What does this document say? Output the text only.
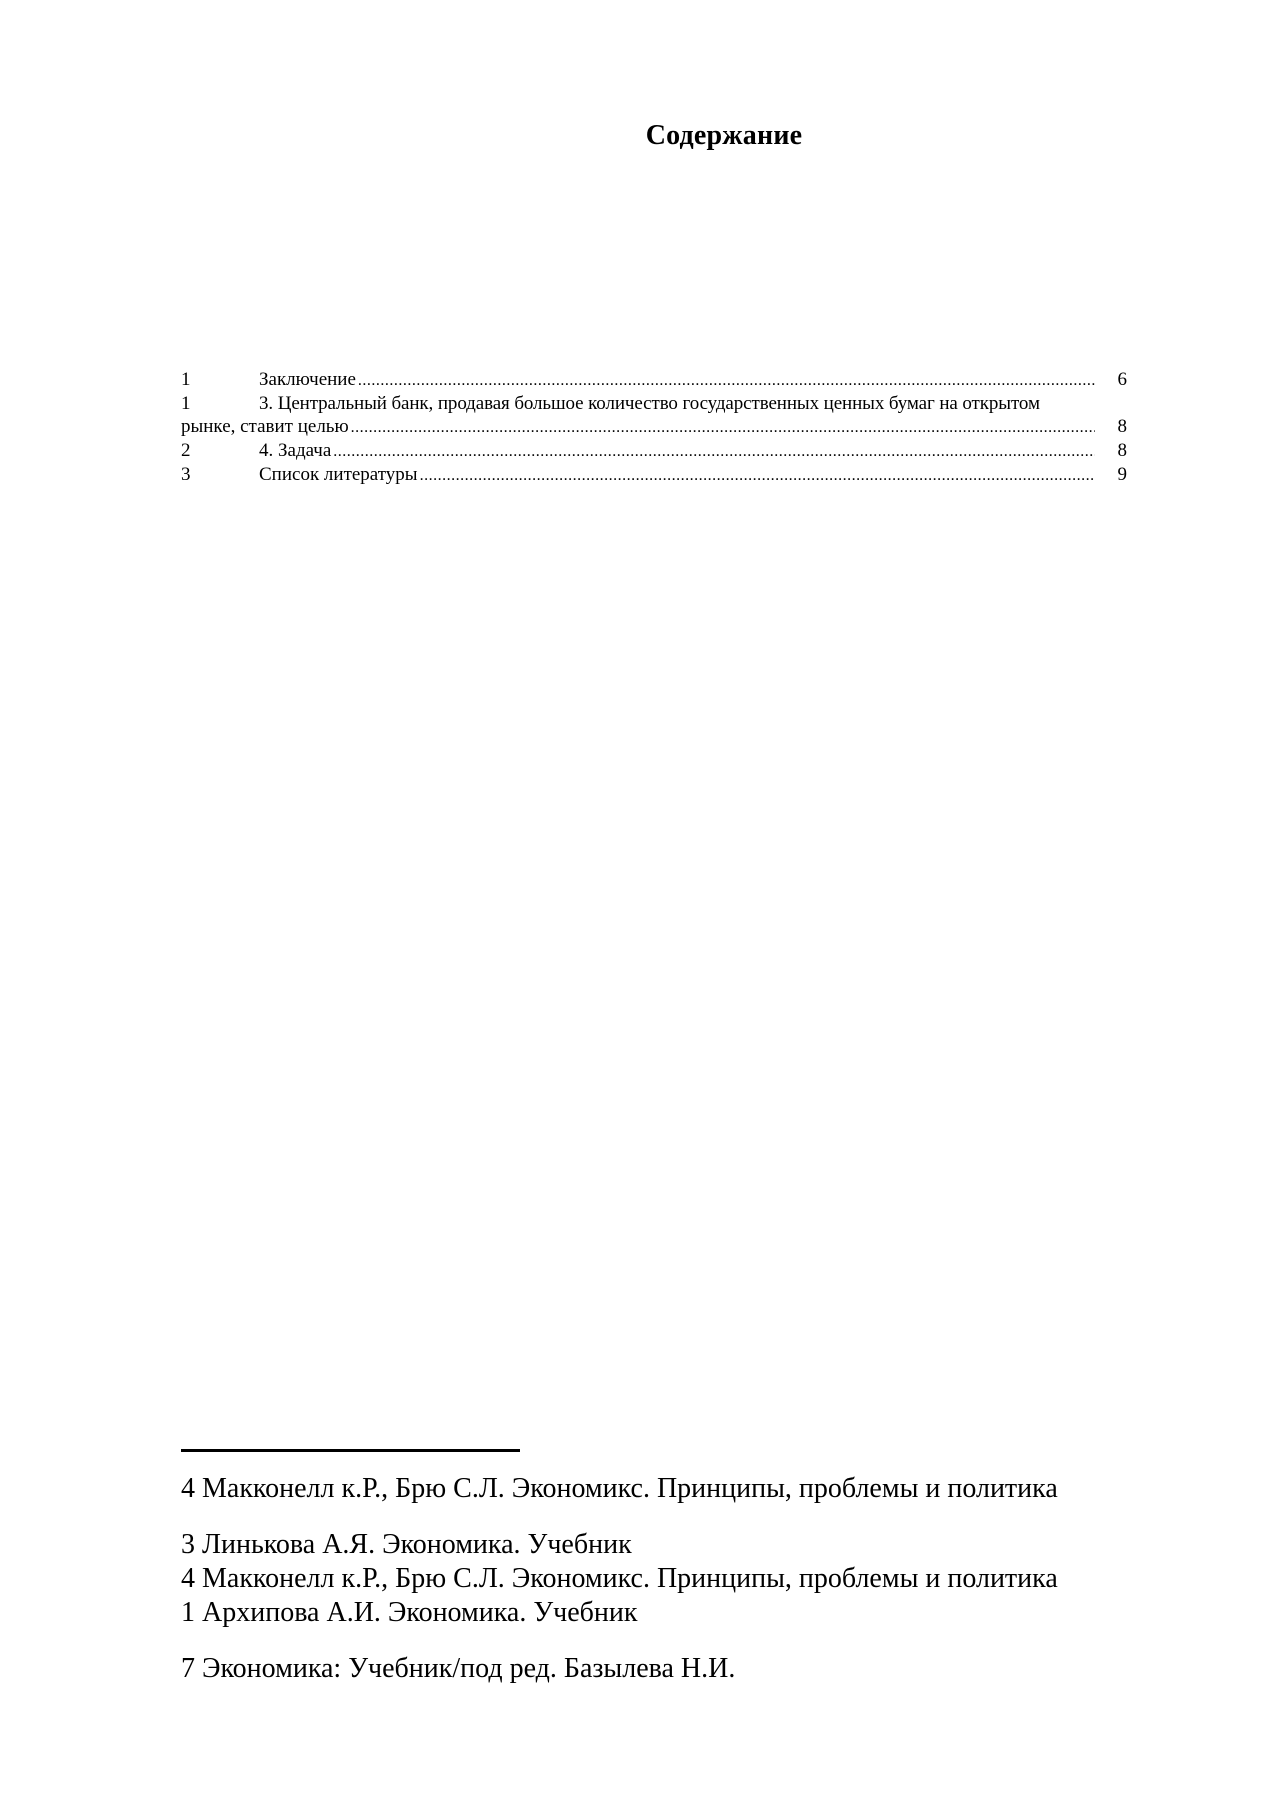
Содержание
1	Заключение .....	6
1	3. Центральный банк, продавая большое количество государственных ценных бумаг на открытом
рынке, ставит целью .....	8
2	4. Задача .....	8
3	Список литературы .....	9
4 Макконелл к.Р., Брю С.Л. Экономикс. Принципы, проблемы и политика
3 Линькова А.Я. Экономика. Учебник
4 Макконелл к.Р., Брю С.Л. Экономикс. Принципы, проблемы и политика
1 Архипова А.И. Экономика. Учебник
7 Экономика: Учебник/под ред. Базылева Н.И.
